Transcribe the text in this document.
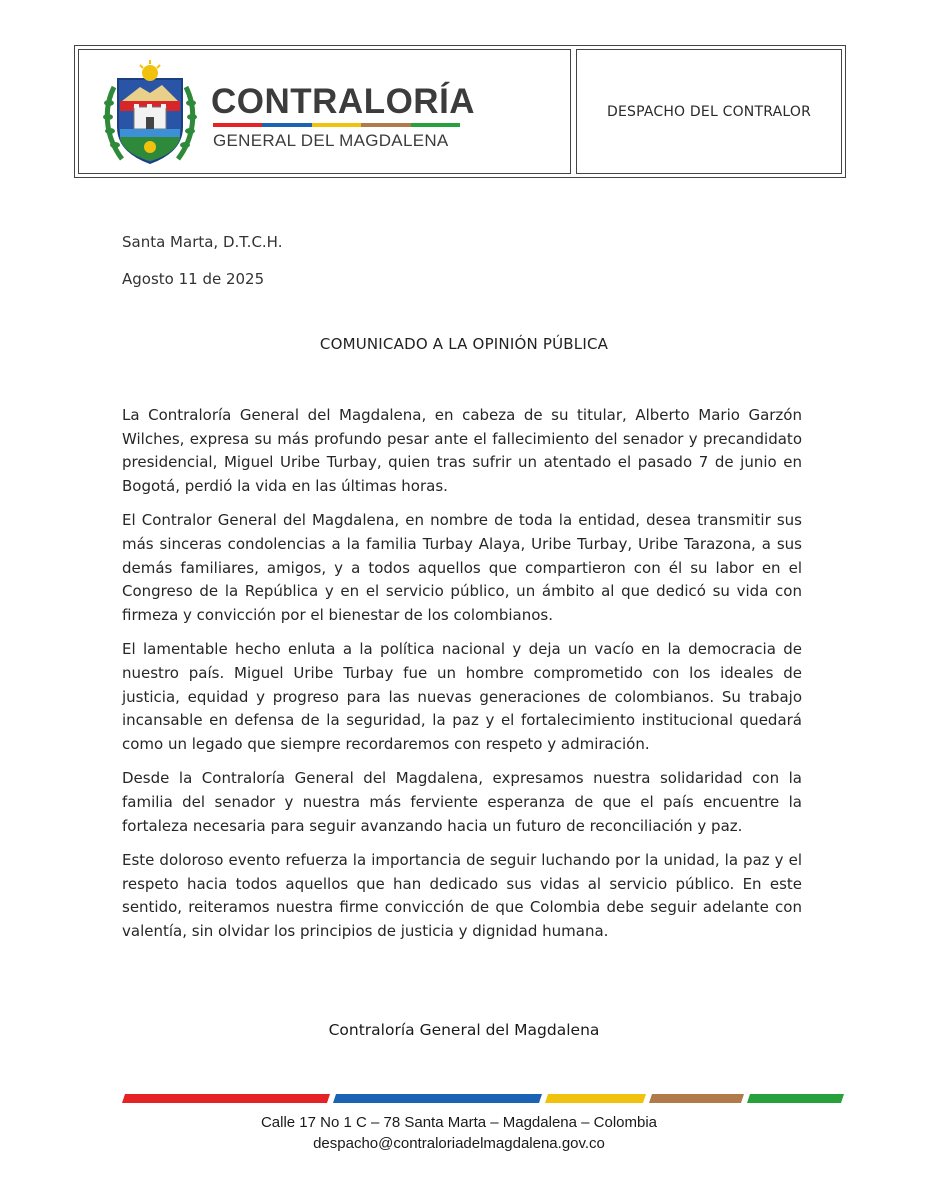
CONTRALORÍA
GENERAL DEL MAGDALENA
DESPACHO DEL CONTRALOR
Santa Marta, D.T.C.H.
Agosto 11 de 2025
COMUNICADO A LA OPINIÓN PÚBLICA

La Contraloría General del Magdalena, en cabeza de su titular, Alberto Mario Garzón Wilches, expresa su más profundo pesar ante el fallecimiento del senador y precandidato presidencial, Miguel Uribe Turbay, quien tras sufrir un atentado el pasado 7 de junio en Bogotá, perdió la vida en las últimas horas.

El Contralor General del Magdalena, en nombre de toda la entidad, desea transmitir sus más sinceras condolencias a la familia Turbay Alaya, Uribe Turbay, Uribe Tarazona, a sus demás familiares, amigos, y a todos aquellos que compartieron con él su labor en el Congreso de la República y en el servicio público, un ámbito al que dedicó su vida con firmeza y convicción por el bienestar de los colombianos.

El lamentable hecho enluta a la política nacional y deja un vacío en la democracia de nuestro país. Miguel Uribe Turbay fue un hombre comprometido con los ideales de justicia, equidad y progreso para las nuevas generaciones de colombianos. Su trabajo incansable en defensa de la seguridad, la paz y el fortalecimiento institucional quedará como un legado que siempre recordaremos con respeto y admiración.

Desde la Contraloría General del Magdalena, expresamos nuestra solidaridad con la familia del senador y nuestra más ferviente esperanza de que el país encuentre la fortaleza necesaria para seguir avanzando hacia un futuro de reconciliación y paz.

Este doloroso evento refuerza la importancia de seguir luchando por la unidad, la paz y el respeto hacia todos aquellos que han dedicado sus vidas al servicio público. En este sentido, reiteramos nuestra firme convicción de que Colombia debe seguir adelante con valentía, sin olvidar los principios de justicia y dignidad humana.

Contraloría General del Magdalena
Calle 17 No 1 C – 78 Santa Marta – Magdalena – Colombia
despacho@contraloriadelmagdalena.gov.co
